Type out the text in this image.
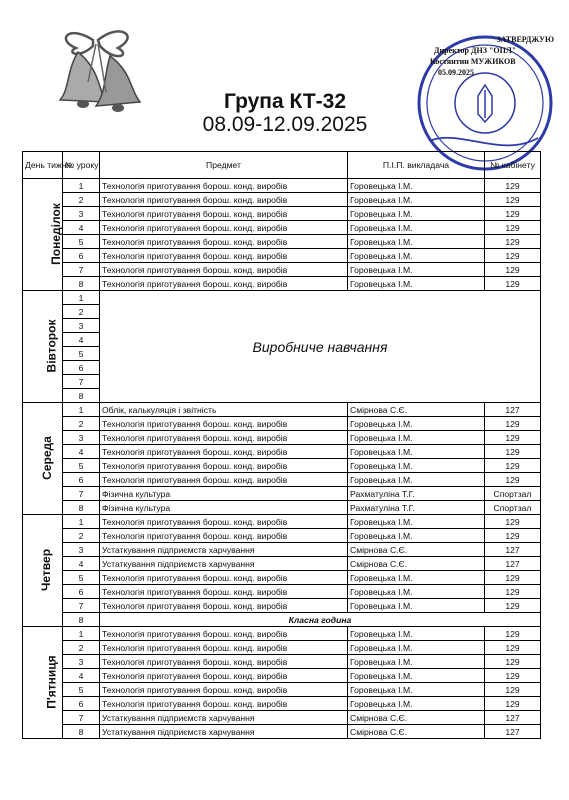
ЗАТВЕРДЖУЮ
Директор ДНЗ "ОПЛ"
Костянтин МУЖИКОВ
05.09.2025
Група КТ-32
08.09-12.09.2025
День тижня	№ уроку	Предмет	П.І.П. викладача	№ кабінету
Понеділок	1	Технологія приготування борош. конд. виробів	Горовецька І.М.	129
	2	Технологія приготування борош. конд. виробів	Горовецька І.М.	129
	3	Технологія приготування борош. конд. виробів	Горовецька І.М.	129
	4	Технологія приготування борош. конд. виробів	Горовецька І.М.	129
	5	Технологія приготування борош. конд. виробів	Горовецька І.М.	129
	6	Технологія приготування борош. конд. виробів	Горовецька І.М.	129
	7	Технологія приготування борош. конд. виробів	Горовецька І.М.	129
	8	Технологія приготування борош. конд. виробів	Горовецька І.М.	129
Вівторок	1	Виробниче навчання		
	2			
	3			
	4			
	5			
	6			
	7			
	8			
Середа	1	Облік, калькуляція і звітність	Смірнова С.Є.	127
	2	Технологія приготування борош. конд. виробів	Горовецька І.М.	129
	3	Технологія приготування борош. конд. виробів	Горовецька І.М.	129
	4	Технологія приготування борош. конд. виробів	Горовецька І.М.	129
	5	Технологія приготування борош. конд. виробів	Горовецька І.М.	129
	6	Технологія приготування борош. конд. виробів	Горовецька І.М.	129
	7	Фізична культура	Рахматуліна Т.Г.	Спортзал
	8	Фізична культура	Рахматуліна Т.Г.	Спортзал
Четвер	1	Технологія приготування борош. конд. виробів	Горовецька І.М.	129
	2	Технологія приготування борош. конд. виробів	Горовецька І.М.	129
	3	Устаткування підприємств харчування	Смірнова С.Є.	127
	4	Устаткування підприємств харчування	Смірнова С.Є.	127
	5	Технологія приготування борош. конд. виробів	Горовецька І.М.	129
	6	Технологія приготування борош. конд. виробів	Горовецька І.М.	129
	7	Технологія приготування борош. конд. виробів	Горовецька І.М.	129
	8	Класна година		
П'ятниця	1	Технологія приготування борош. конд. виробів	Горовецька І.М.	129
	2	Технологія приготування борош. конд. виробів	Горовецька І.М.	129
	3	Технологія приготування борош. конд. виробів	Горовецька І.М.	129
	4	Технологія приготування борош. конд. виробів	Горовецька І.М.	129
	5	Технологія приготування борош. конд. виробів	Горовецька І.М.	129
	6	Технологія приготування борош. конд. виробів	Горовецька І.М.	129
	7	Устаткування підприємств харчування	Смірнова С.Є.	127
	8	Устаткування підприємств харчування	Смірнова С.Є.	127
